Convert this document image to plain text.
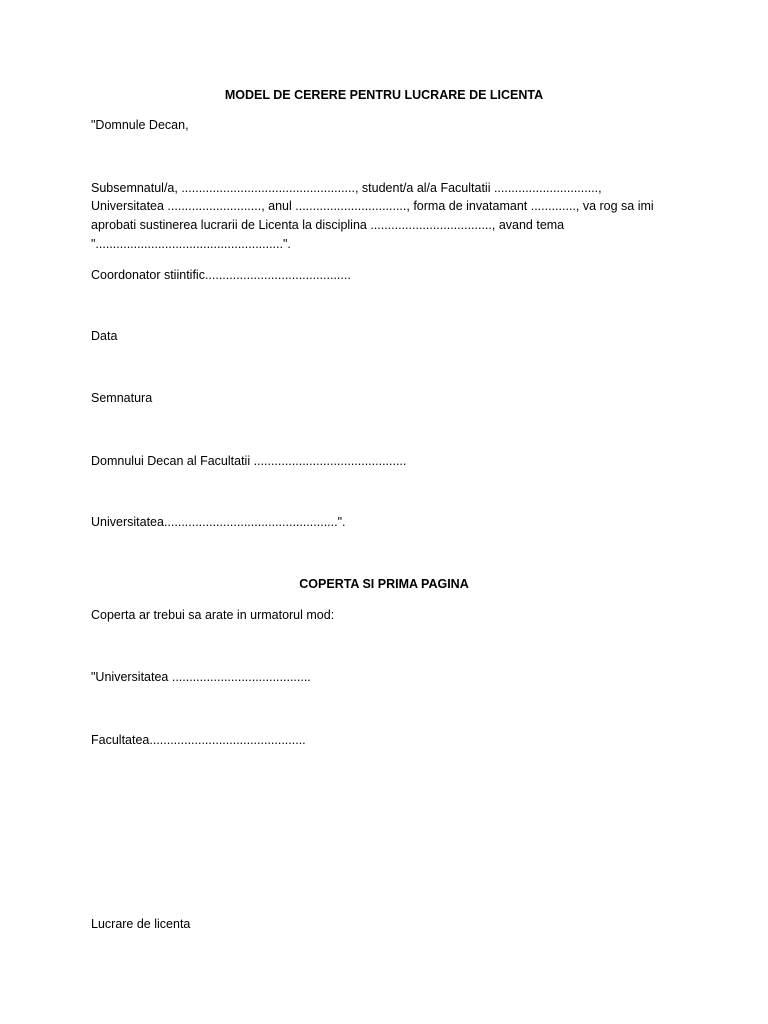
MODEL DE CERERE PENTRU LUCRARE DE LICENTA
"Domnule Decan,
Subsemnatul/a, .................................................., student/a al/a Facultatii ..............................,
Universitatea ..........................., anul ................................, forma de invatamant ............., va rog sa imi
aprobati sustinerea lucrarii de Licenta la disciplina ..................................., avand tema
"......................................................".
Coordonator stiintific..........................................
Data
Semnatura
Domnului Decan al Facultatii ............................................
Universitatea..................................................".
COPERTA SI PRIMA PAGINA
Coperta ar trebui sa arate in urmatorul mod:
"Universitatea ........................................
Facultatea.............................................
Lucrare de licenta
